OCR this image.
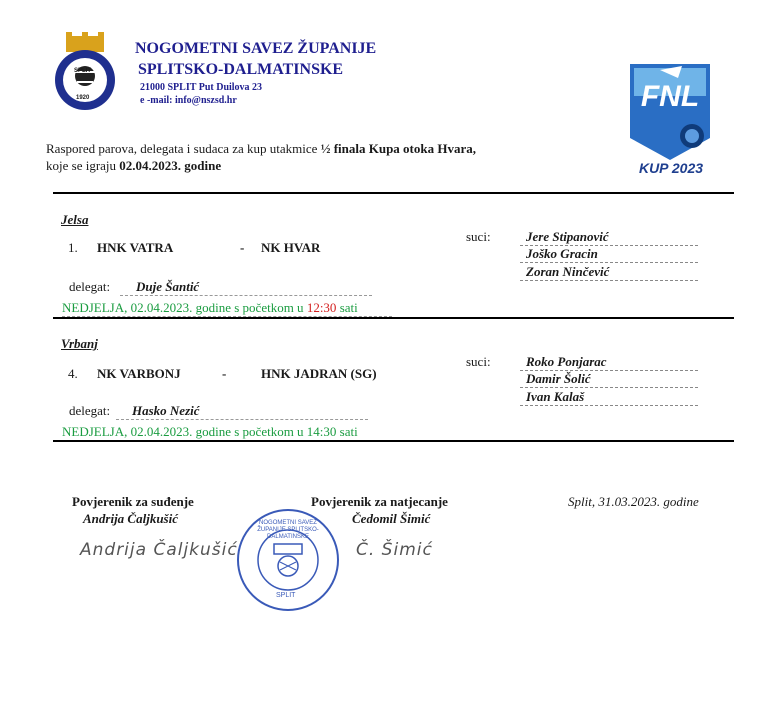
SPLIT
1920
NOGOMETNI SAVEZ ŽUPANIJE
SPLITSKO-DALMATINSKE
21000 SPLIT Put Duilova 23
e -mail: info@nszsd.hr	FNL
KUP 2023
Raspored parova, delegata i sudaca za kup utakmice ½ finala Kupa otoka Hvara,
koje se igraju 02.04.2023. godine
Jelsa
1. HNK VATRA	- NK HVAR
suci:	Jere Stipanović
Joško Gracin
Zoran Ninčević
delegat:	Duje Šantić
NEDJELJA, 02.04.2023. godine s početkom u 12:30 sati
Vrbanj
4. NK VARBONJ	-	HNK JADRAN (SG)
suci:	Roko Ponjarac
Damir Šolić
Ivan Kalaš
delegat:	Hasko Nezić
NEDJELJA, 02.04.2023. godine s početkom u 14:30 sati
Povjerenik za suđenje
Andrija Čaljkušić
Andrija Čaljkušić
Povjerenik za natjecanje
Čedomil Šimić
Č. Šimić
Split, 31.03.2023. godine
NOGOMETNI SAVEZ ŽUPANIJE SPLITSKO-DALMATINSKE
SPLIT
